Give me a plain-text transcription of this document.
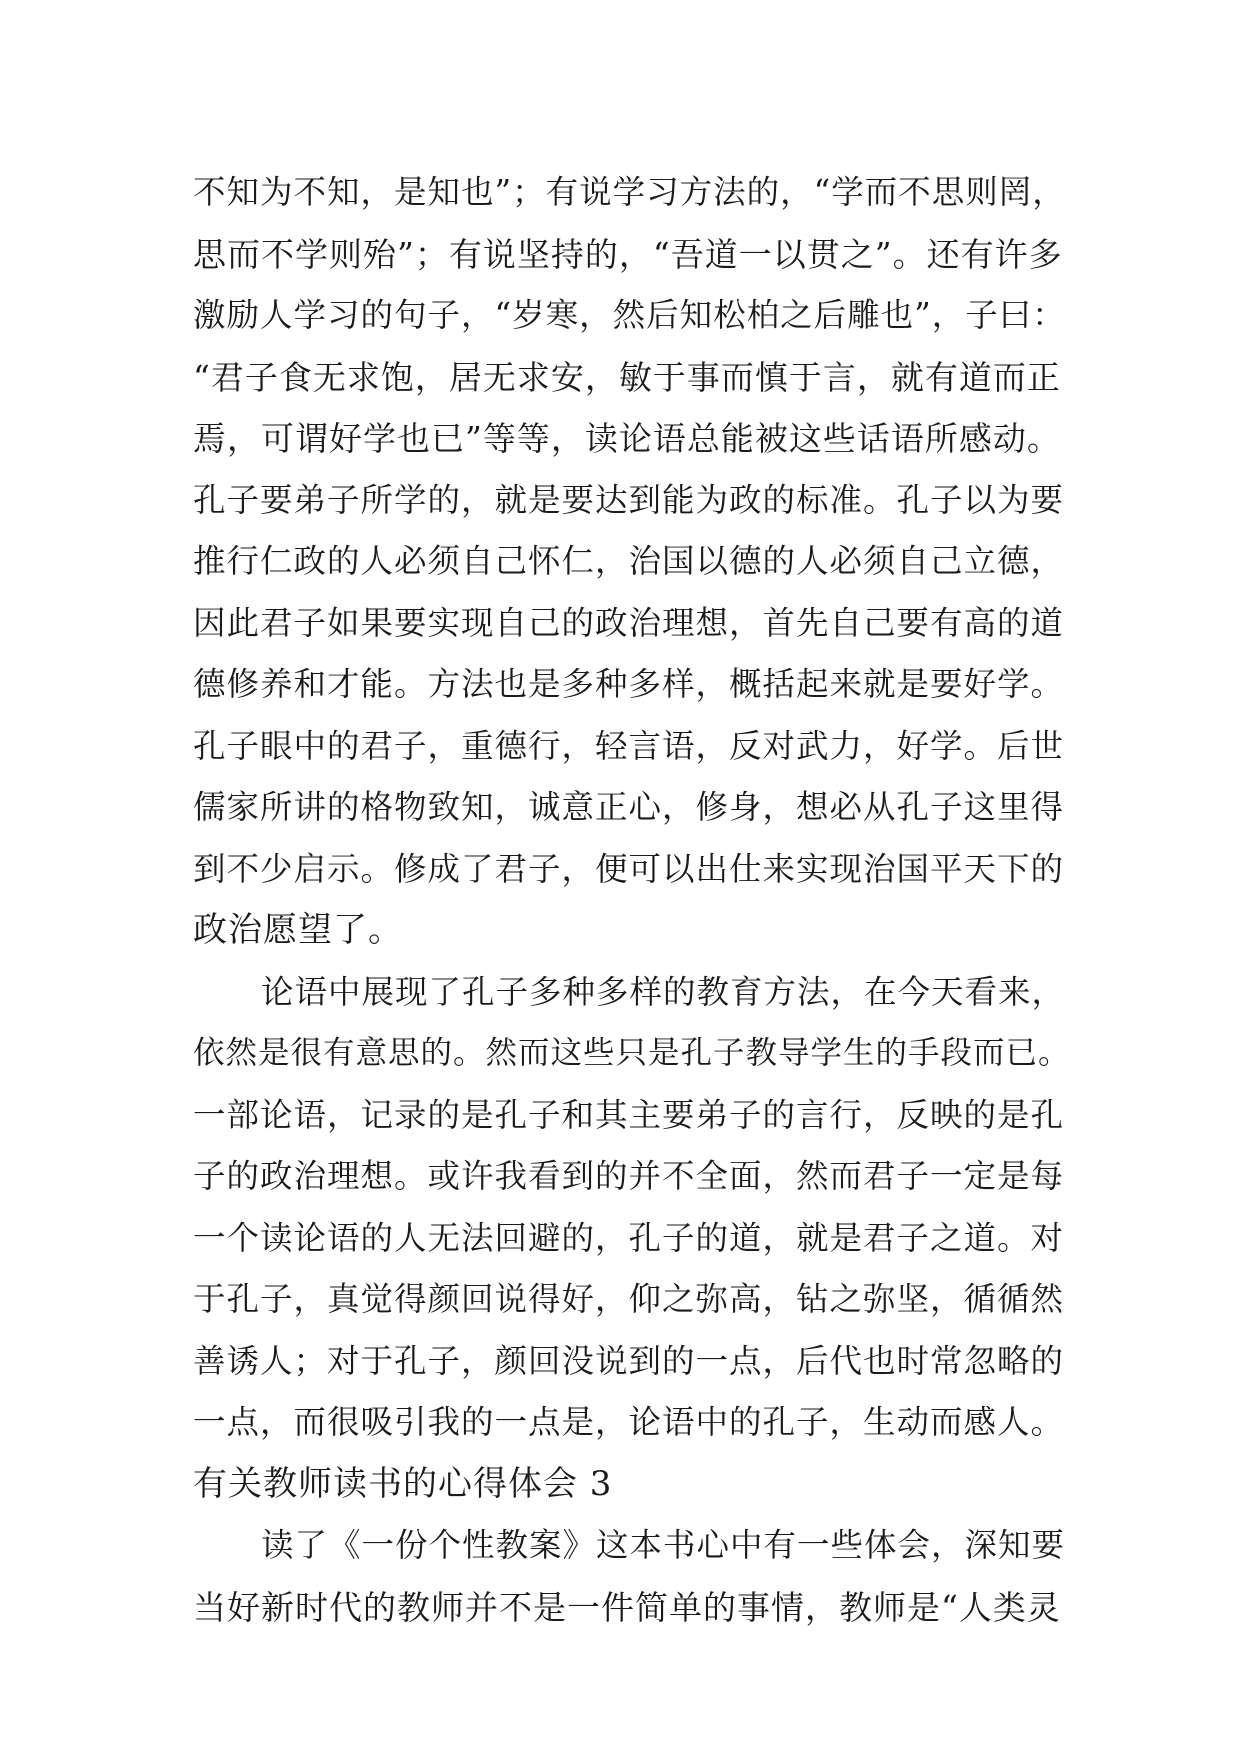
不知为不知，是知也”；有说学习方法的，“学而不思则罔，
思而不学则殆”；有说坚持的，“吾道一以贯之”。还有许多
激励人学习的句子，“岁寒，然后知松柏之后雕也”，子曰：
“君子食无求饱，居无求安，敏于事而慎于言，就有道而正
焉，可谓好学也已”等等，读论语总能被这些话语所感动。
孔子要弟子所学的，就是要达到能为政的标准。孔子以为要
推行仁政的人必须自己怀仁，治国以德的人必须自己立德，
因此君子如果要实现自己的政治理想，首先自己要有高的道
德修养和才能。方法也是多种多样，概括起来就是要好学。
孔子眼中的君子，重德行，轻言语，反对武力，好学。后世
儒家所讲的格物致知，诚意正心，修身，想必从孔子这里得
到不少启示。修成了君子，便可以出仕来实现治国平天下的
政治愿望了。
论语中展现了孔子多种多样的教育方法，在今天看来，
依然是很有意思的。然而这些只是孔子教导学生的手段而已。
一部论语，记录的是孔子和其主要弟子的言行，反映的是孔
子的政治理想。或许我看到的并不全面，然而君子一定是每
一个读论语的人无法回避的，孔子的道，就是君子之道。对
于孔子，真觉得颜回说得好，仰之弥高，钻之弥坚，循循然
善诱人；对于孔子，颜回没说到的一点，后代也时常忽略的
一点，而很吸引我的一点是，论语中的孔子，生动而感人。
有关教师读书的心得体会 3
读了《一份个性教案》这本书心中有一些体会，深知要
当好新时代的教师并不是一件简单的事情，教师是“人类灵
